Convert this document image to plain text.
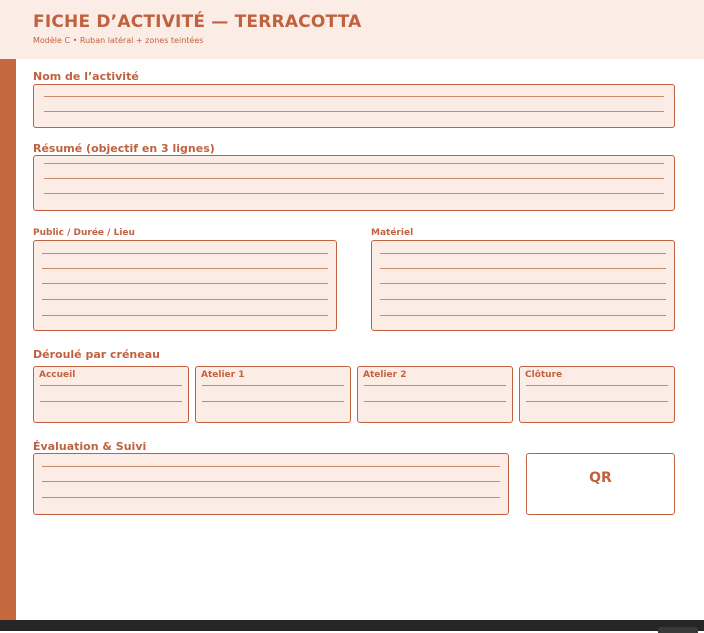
FICHE D’ACTIVITÉ — TERRACOTTA
Modèle C • Ruban latéral + zones teintées
Nom de l’activité
Résumé (objectif en 3 lignes)
Public / Durée / Lieu	Matériel
Déroulé par créneau
Accueil	Atelier 1	Atelier 2	Clôture
Évaluation & Suivi
QR
